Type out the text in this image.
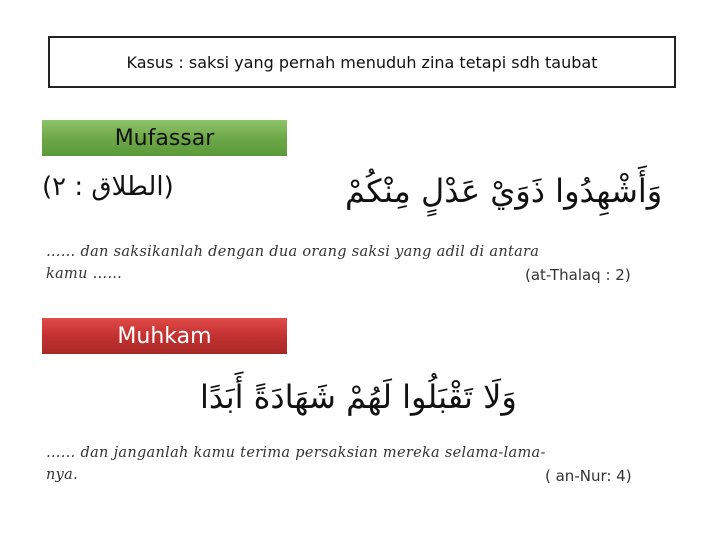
Kasus : saksi yang pernah menuduh zina tetapi sdh taubat
Mufassar
(الطلاق : ٢)	وَأَشْهِدُوا ذَوَيْ عَدْلٍ مِنْكُمْ
…… dan saksikanlah dengan dua orang saksi yang adil di antara
kamu ……	(at-Thalaq : 2)
Muhkam
وَلَا تَقْبَلُوا لَهُمْ شَهَادَةً أَبَدًا
…… dan janganlah kamu terima persaksian mereka selama-lama-
nya.	( an-Nur: 4)
